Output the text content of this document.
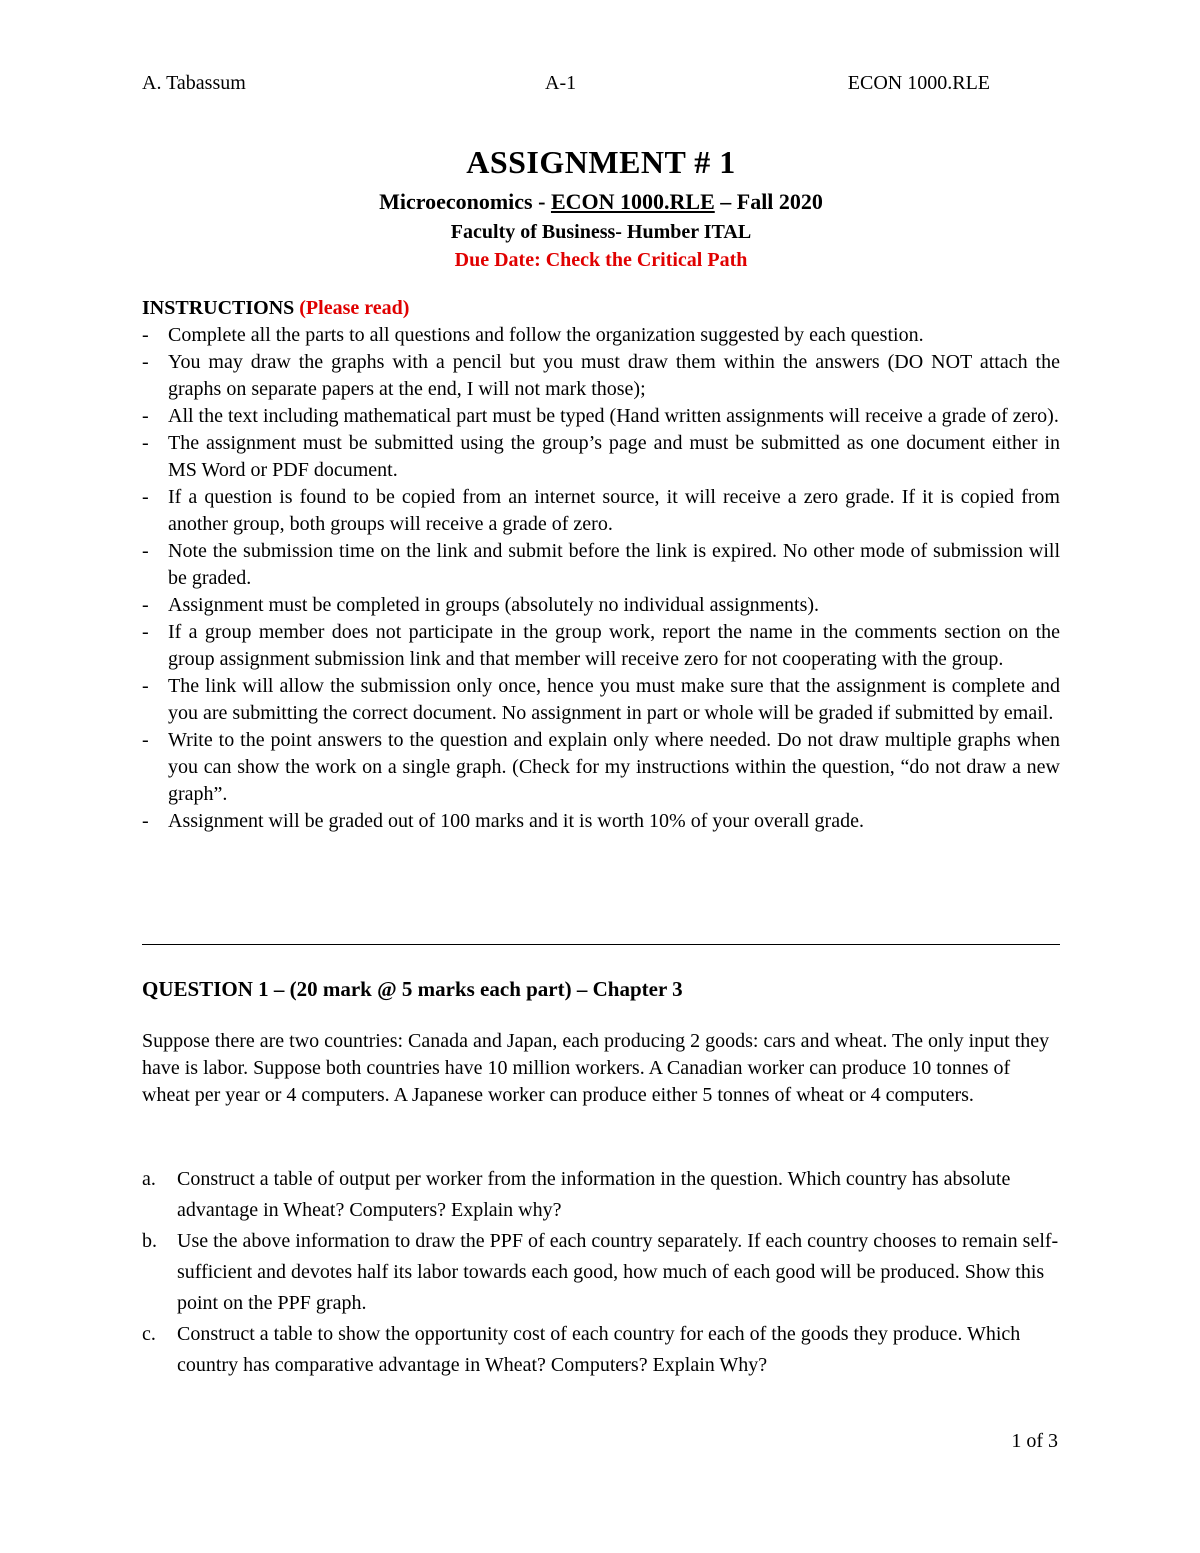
A. Tabassum	A-1	ECON 1000.RLE
ASSIGNMENT # 1
Microeconomics - ECON 1000.RLE – Fall 2020
Faculty of Business- Humber ITAL
Due Date: Check the Critical Path
INSTRUCTIONS (Please read)
- Complete all the parts to all questions and follow the organization suggested by each question.
- You may draw the graphs with a pencil but you must draw them within the answers (DO NOT attach the graphs on separate papers at the end, I will not mark those);
- All the text including mathematical part must be typed (Hand written assignments will receive a grade of zero).
- The assignment must be submitted using the group’s page and must be submitted as one document either in MS Word or PDF document.
- If a question is found to be copied from an internet source, it will receive a zero grade. If it is copied from another group, both groups will receive a grade of zero.
- Note the submission time on the link and submit before the link is expired. No other mode of submission will be graded.
- Assignment must be completed in groups (absolutely no individual assignments).
- If a group member does not participate in the group work, report the name in the comments section on the group assignment submission link and that member will receive zero for not cooperating with the group.
- The link will allow the submission only once, hence you must make sure that the assignment is complete and you are submitting the correct document. No assignment in part or whole will be graded if submitted by email.
- Write to the point answers to the question and explain only where needed. Do not draw multiple graphs when you can show the work on a single graph. (Check for my instructions within the question, “do not draw a new graph”.
- Assignment will be graded out of 100 marks and it is worth 10% of your overall grade.
QUESTION 1 – (20 mark @ 5 marks each part) – Chapter 3
Suppose there are two countries: Canada and Japan, each producing 2 goods: cars and wheat. The only input they have is labor. Suppose both countries have 10 million workers. A Canadian worker can produce 10 tonnes of wheat per year or 4 computers. A Japanese worker can produce either 5 tonnes of wheat or 4 computers.
a. Construct a table of output per worker from the information in the question. Which country has absolute advantage in Wheat? Computers? Explain why?
b. Use the above information to draw the PPF of each country separately. If each country chooses to remain self-sufficient and devotes half its labor towards each good, how much of each good will be produced. Show this point on the PPF graph.
c. Construct a table to show the opportunity cost of each country for each of the goods they produce. Which country has comparative advantage in Wheat? Computers? Explain Why?
1 of 3
